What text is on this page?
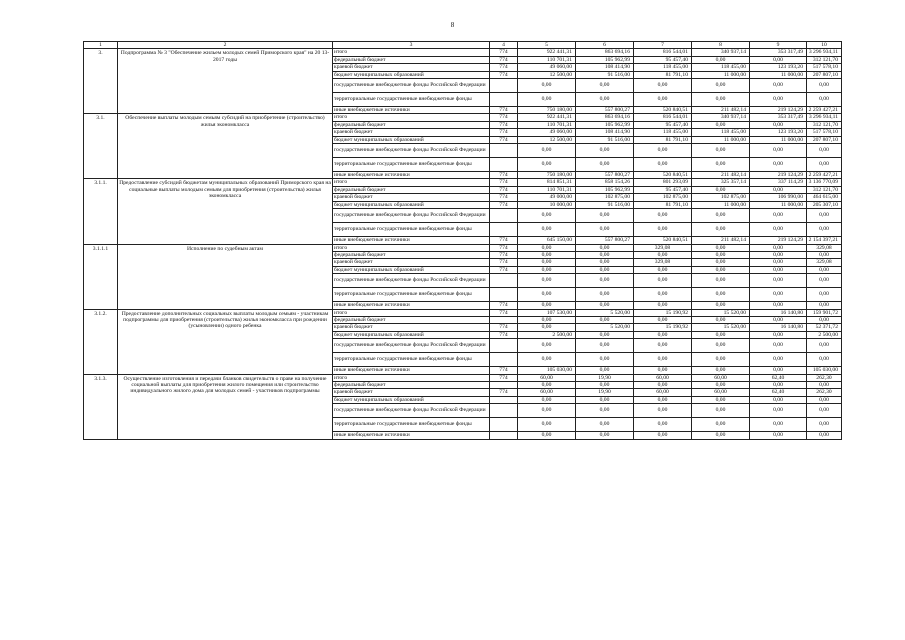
8
1	2	3	4	5	6	7	8	9	10
3.	Подпрограмма № 3 "Обеспечение жильем молодых семей Приморского края" на 20 13-2017 годы	итого	774	922 441,31	863 694,16	816 544,01	340 937,14	353 317,49	3 296 934,11
		федеральный бюджет	774	110 701,31	105 962,99	95 457,40	0,00	0,00	312 121,70
		краевой бюджет	774	49 060,00	108 414,90	118 455,00	118 455,00	123 193,20	517 578,10
		бюджет муниципальных образований	774	12 500,00	91 516,00	81 791,10	11 000,00	11 000,00	207 807,10
		государственные внебюджетные фонды Российской Федерации		0,00	0,00	0,00	0,00	0,00	0,00
		территориальные государственные внебюджетные фонды		0,00	0,00	0,00	0,00	0,00	0,00
		иные внебюджетные источники	774	750 180,00	557 800,27	520 840,51	211 482,14	219 124,29	2 259 427,21
3.1.	Обеспечение выплаты молодым семьям субсидий на приобретение (строительство) жилья экономкласса	итого	774	922 441,31	863 694,16	816 544,01	340 937,14	353 317,49	3 296 934,11
		федеральный бюджет	774	110 701,31	105 962,99	95 457,40	0,00	0,00	312 121,70
		краевой бюджет	774	49 060,00	108 414,90	118 455,00	118 455,00	123 193,20	517 578,10
		бюджет муниципальных образований	774	12 500,00	91 516,00	81 791,10	11 000,00	11 000,00	207 807,10
		государственные внебюджетные фонды Российской Федерации		0,00	0,00	0,00	0,00	0,00	0,00
		территориальные государственные внебюджетные фонды		0,00	0,00	0,00	0,00	0,00	0,00
		иные внебюджетные источники	774	750 180,00	557 800,27	520 840,51	211 482,14	219 124,29	2 259 427,21
3.1.1.	Предоставление субсидий бюджетам муниципальных образований Приморского края на социальные выплаты молодым семьям для приобретения (строительства) жилья экономкласса	итого	774	814 851,31	858 154,26	801 293,09	325 357,14	337 114,29	3 136 770,09
		федеральный бюджет	774	110 701,31	105 962,99	95 457,40	0,00	0,00	312 121,70
		краевой бюджет	774	49 000,00	102 875,00	102 875,00	102 875,00	106 990,00	464 615,00
		бюджет муниципальных образований	774	10 000,00	91 516,00	81 791,10	11 000,00	11 000,00	205 307,10
		государственные внебюджетные фонды Российской Федерации		0,00	0,00	0,00	0,00	0,00	0,00
		территориальные государственные внебюджетные фонды		0,00	0,00	0,00	0,00	0,00	0,00
		иные внебюджетные источники	774	645 150,00	557 800,27	520 840,51	211 482,14	219 124,29	2 154 397,21
3.1.1.1	Исполнение по судебным актам	итого	774	0,00	0,00	329,08	0,00	0,00	329,08
		федеральный бюджет	774	0,00	0,00	0,00	0,00	0,00	0,00
		краевой бюджет	774	0,00	0,00	329,08	0,00	0,00	329,08
		бюджет муниципальных образований	774	0,00	0,00	0,00	0,00	0,00	0,00
		государственные внебюджетные фонды Российской Федерации		0,00	0,00	0,00	0,00	0,00	0,00
		территориальные государственные внебюджетные фонды		0,00	0,00	0,00	0,00	0,00	0,00
		иные внебюджетные источники	774	0,00	0,00	0,00	0,00	0,00	0,00
3.1.2.	Предоставление дополнительных социальных выплаты молодым семьям - участникам подпрограммы для приобретения (строительства) жилья экономкласса при рождении (усыновлении) одного ребенка	итого	774	107 530,00	5 520,00	15 190,92	15 520,00	16 140,80	159 901,72
		федеральный бюджет		0,00	0,00	0,00	0,00	0,00	0,00
		краевой бюджет	774	0,00	5 520,00	15 190,92	15 520,00	16 140,80	52 371,72
		бюджет муниципальных образований	774	2 500,00	0,00	0,00	0,00	0,00	2 500,00
		государственные внебюджетные фонды Российской Федерации		0,00	0,00	0,00	0,00	0,00	0,00
		территориальные государственные внебюджетные фонды		0,00	0,00	0,00	0,00	0,00	0,00
		иные внебюджетные источники	774	105 030,00	0,00	0,00	0,00	0,00	105 030,00
3.1.3.	Осуществление изготовления и передачи бланков свидетельств о праве на получение социальной выплаты для приобретения жилого помещения или строительство индивидуального жилого дома для молодых семей - участников подпрограммы	итого	774	60,00	19,90	60,00	60,00	62,40	262,30
		федеральный бюджет		0,00	0,00	0,00	0,00	0,00	0,00
		краевой бюджет	774	60,00	19,90	60,00	60,00	62,40	262,30
		бюджет муниципальных образований		0,00	0,00	0,00	0,00	0,00	0,00
		государственные внебюджетные фонды Российской Федерации		0,00	0,00	0,00	0,00	0,00	0,00
		территориальные государственные внебюджетные фонды		0,00	0,00	0,00	0,00	0,00	0,00
		иные внебюджетные источники		0,00	0,00	0,00	0,00	0,00	0,00
